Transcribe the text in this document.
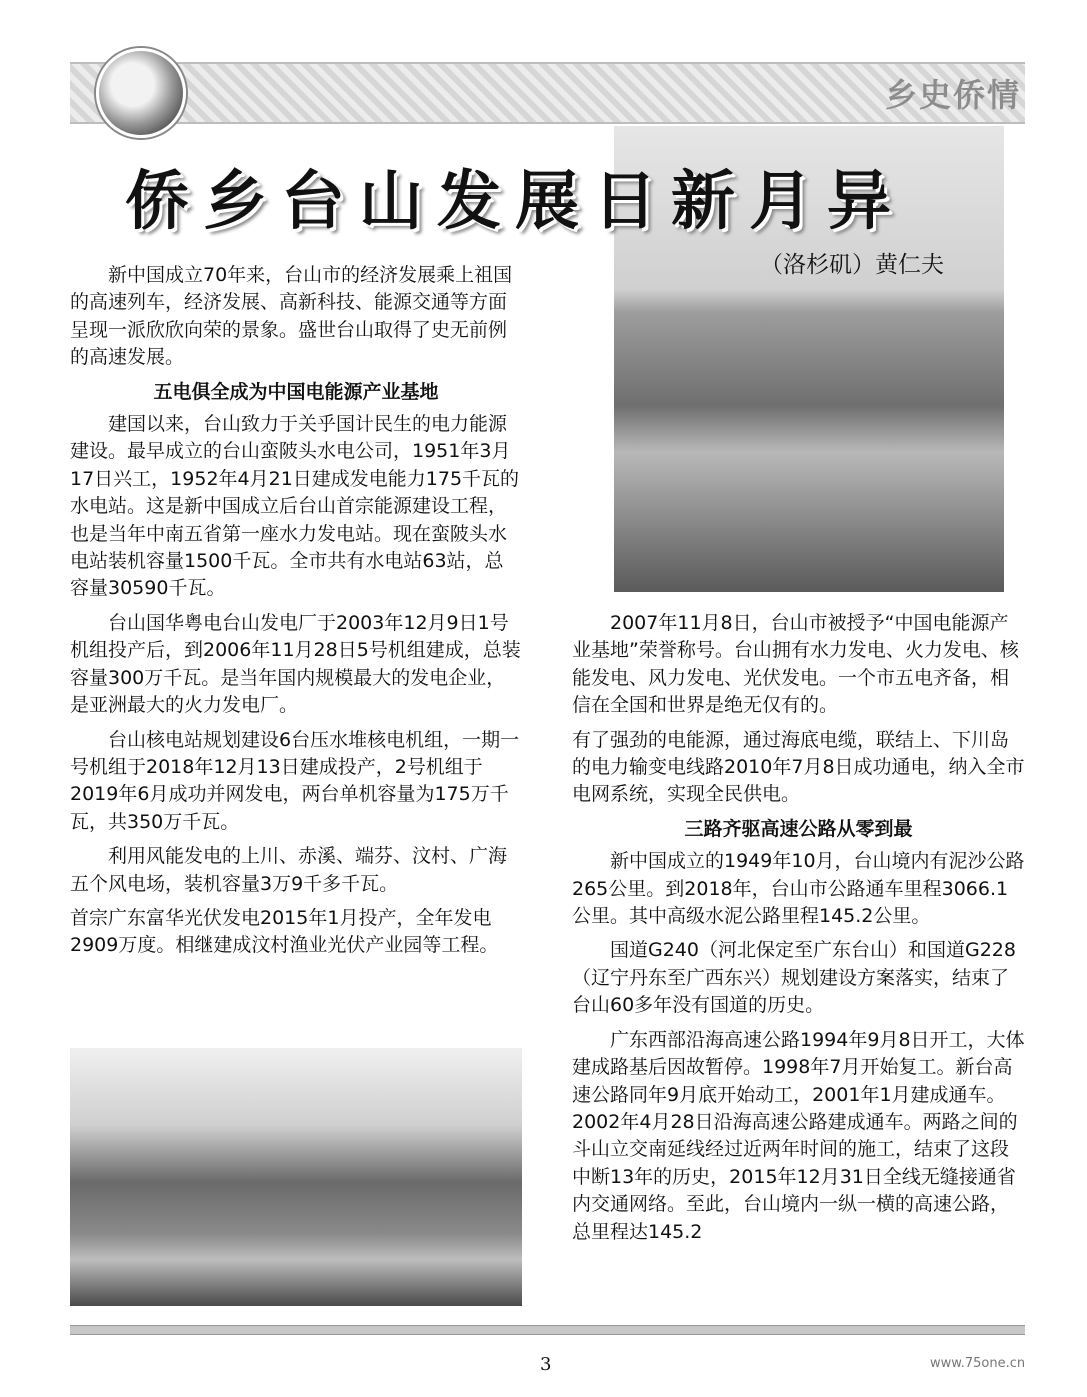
乡史侨情
侨乡台山发展日新月异
（洛杉矶）黄仁夫

新中国成立70年来，台山市的经济发展乘上祖国的高速列车，经济发展、高新科技、能源交通等方面呈现一派欣欣向荣的景象。盛世台山取得了史无前例的高速发展。

五电俱全成为中国电能源产业基地

建国以来，台山致力于关乎国计民生的电力能源建设。最早成立的台山蛮陂头水电公司，1951年3月17日兴工，1952年4月21日建成发电能力175千瓦的水电站。这是新中国成立后台山首宗能源建设工程，也是当年中南五省第一座水力发电站。现在蛮陂头水电站装机容量1500千瓦。全市共有水电站63站，总容量30590千瓦。

台山国华粤电台山发电厂于2003年12月9日1号机组投产后，到2006年11月28日5号机组建成，总装容量300万千瓦。是当年国内规模最大的发电企业，是亚洲最大的火力发电厂。

台山核电站规划建设6台压水堆核电机组，一期一号机组于2018年12月13日建成投产，2号机组于2019年6月成功并网发电，两台单机容量为175万千瓦，共350万千瓦。

利用风能发电的上川、赤溪、端芬、汶村、广海五个风电场，装机容量3万9千多千瓦。

首宗广东富华光伏发电2015年1月投产，全年发电2909万度。相继建成汶村渔业光伏产业园等工程。

2007年11月8日，台山市被授予“中国电能源产业基地”荣誉称号。台山拥有水力发电、火力发电、核能发电、风力发电、光伏发电。一个市五电齐备，相信在全国和世界是绝无仅有的。

有了强劲的电能源，通过海底电缆，联结上、下川岛的电力输变电线路2010年7月8日成功通电，纳入全市电网系统，实现全民供电。

三路齐驱高速公路从零到最

新中国成立的1949年10月，台山境内有泥沙公路265公里。到2018年，台山市公路通车里程3066.1公里。其中高级水泥公路里程145.2公里。

国道G240（河北保定至广东台山）和国道G228（辽宁丹东至广西东兴）规划建设方案落实，结束了台山60多年没有国道的历史。

广东西部沿海高速公路1994年9月8日开工，大体建成路基后因故暂停。1998年7月开始复工。新台高速公路同年9月底开始动工，2001年1月建成通车。2002年4月28日沿海高速公路建成通车。两路之间的斗山立交南延线经过近两年时间的施工，结束了这段中断13年的历史，2015年12月31日全线无缝接通省内交通网络。至此，台山境内一纵一横的高速公路，总里程达145.2

3	www.75one.cn
